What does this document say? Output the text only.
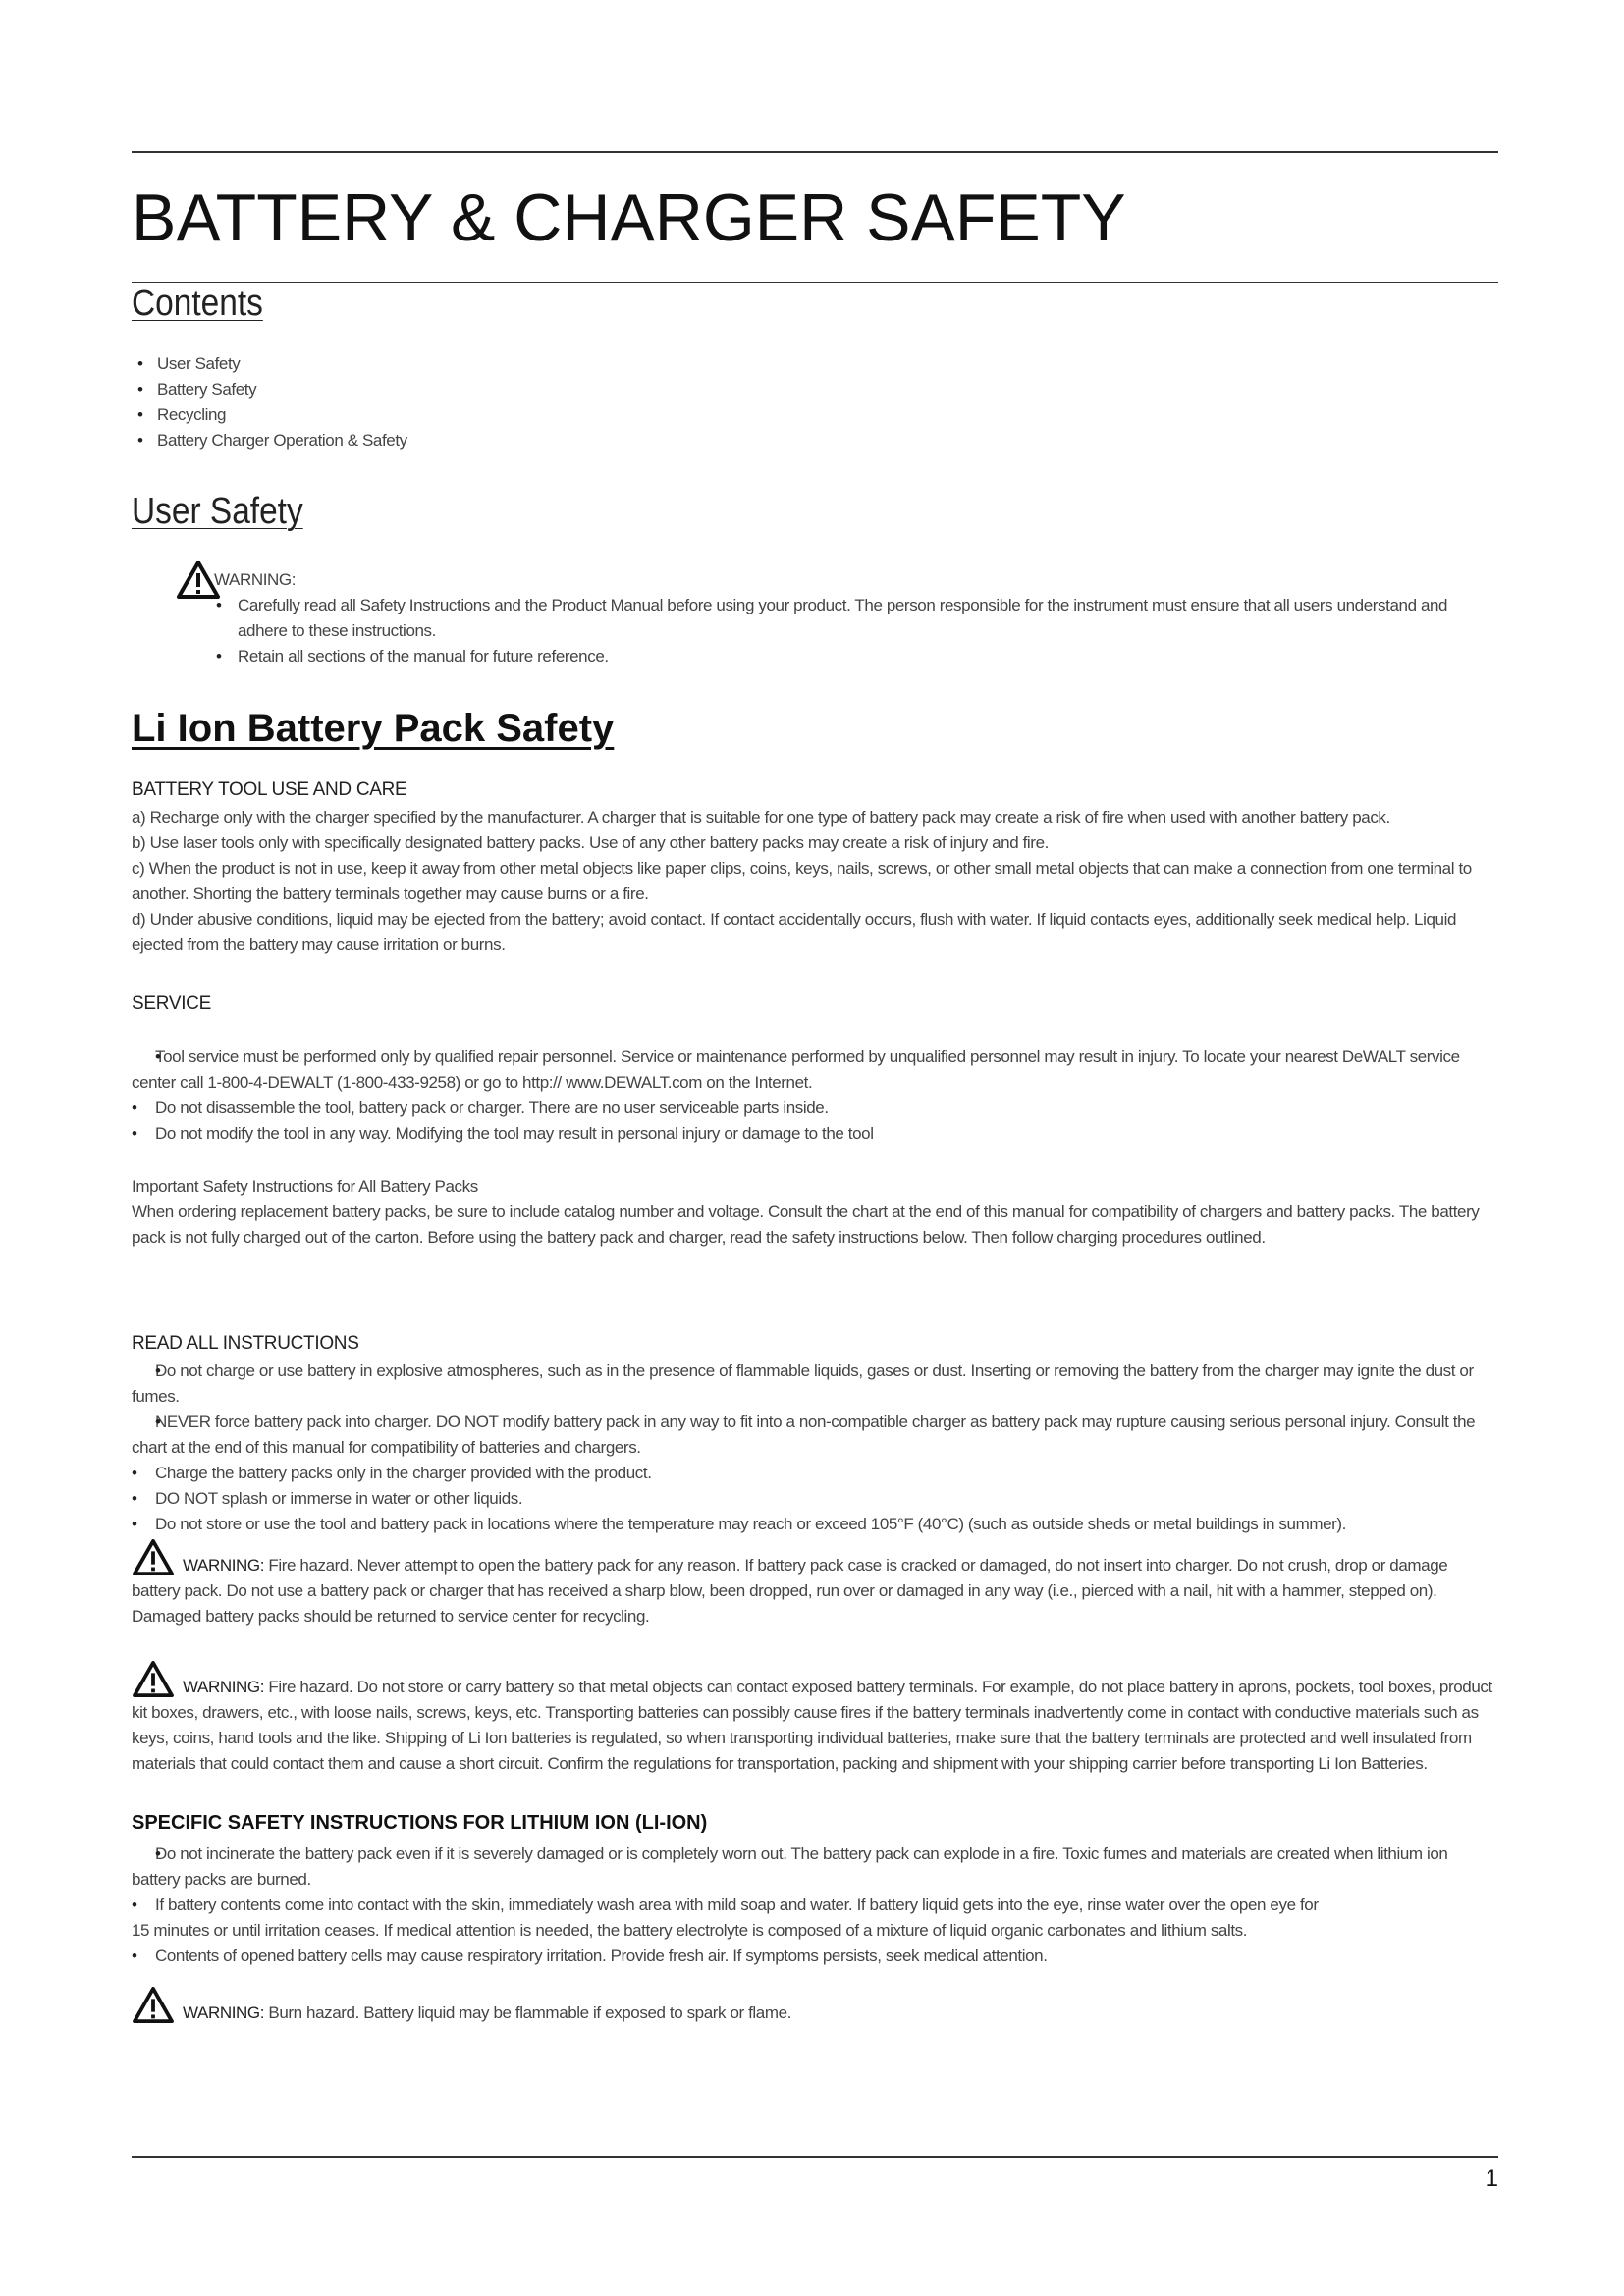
BATTERY & CHARGER SAFETY
Contents
• User Safety
• Battery Safety
• Recycling
• Battery Charger Operation & Safety
User Safety

WARNING:

• Carefully read all Safety Instructions and the Product Manual before using your product. The person responsible for the instrument must ensure that all users understand and adhere to these instructions.

• Retain all sections of the manual for future reference.

Li Ion Battery Pack Safety
BATTERY TOOL USE AND CARE

a) Recharge only with the charger specified by the manufacturer. A charger that is suitable for one type of battery pack may create a risk of fire when used with another battery pack.

b) Use laser tools only with specifically designated battery packs. Use of any other battery packs may create a risk of injury and fire.

c) When the product is not in use, keep it away from other metal objects like paper clips, coins, keys, nails, screws, or other small metal objects that can make a connection from one terminal to another. Shorting the battery terminals together may cause burns or a fire.

d) Under abusive conditions, liquid may be ejected from the battery; avoid contact. If contact accidentally occurs, flush with water. If liquid contacts eyes, additionally seek medical help. Liquid ejected from the battery may cause irritation or burns.

SERVICE

• Tool service must be performed only by qualified repair personnel. Service or maintenance performed by unqualified personnel may result in injury. To locate your nearest DeWALT service center call 1-800-4-DEWALT (1-800-433-9258) or go to http:// www.DEWALT.com on the Internet.

• Do not disassemble the tool, battery pack or charger. There are no user serviceable parts inside.

• Do not modify the tool in any way. Modifying the tool may result in personal injury or damage to the tool

Important Safety Instructions for All Battery Packs

When ordering replacement battery packs, be sure to include catalog number and voltage. Consult the chart at the end of this manual for compatibility of chargers and battery packs. The battery pack is not fully charged out of the carton. Before using the battery pack and charger, read the safety instructions below. Then follow charging procedures outlined.

READ ALL INSTRUCTIONS

• Do not charge or use battery in explosive atmospheres, such as in the presence of flammable liquids, gases or dust. Inserting or removing the battery from the charger may ignite the dust or fumes.

• NEVER force battery pack into charger. DO NOT modify battery pack in any way to fit into a non-compatible charger as battery pack may rupture causing serious personal injury. Consult the chart at the end of this manual for compatibility of batteries and chargers.

• Charge the battery packs only in the charger provided with the product.

• DO NOT splash or immerse in water or other liquids.

• Do not store or use the tool and battery pack in locations where the temperature may reach or exceed 105°F (40°C) (such as outside sheds or metal buildings in summer).

WARNING: Fire hazard. Never attempt to open the battery pack for any reason. If battery pack case is cracked or damaged, do not insert into charger. Do not crush, drop or damage battery pack. Do not use a battery pack or charger that has received a sharp blow, been dropped, run over or damaged in any way (i.e., pierced with a nail, hit with a hammer, stepped on). Damaged battery packs should be returned to service center for recycling.

WARNING: Fire hazard. Do not store or carry battery so that metal objects can contact exposed battery terminals. For example, do not place battery in aprons, pockets, tool boxes, product kit boxes, drawers, etc., with loose nails, screws, keys, etc. Transporting batteries can possibly cause fires if the battery terminals inadvertently come in contact with conductive materials such as keys, coins, hand tools and the like. Shipping of Li Ion batteries is regulated, so when transporting individual batteries, make sure that the battery terminals are protected and well insulated from materials that could contact them and cause a short circuit. Confirm the regulations for transportation, packing and shipment with your shipping carrier before transporting Li Ion Batteries.

SPECIFIC SAFETY INSTRUCTIONS FOR LITHIUM ION (LI-ION)

• Do not incinerate the battery pack even if it is severely damaged or is completely worn out. The battery pack can explode in a fire. Toxic fumes and materials are created when lithium ion battery packs are burned.

• If battery contents come into contact with the skin, immediately wash area with mild soap and water. If battery liquid gets into the eye, rinse water over the open eye for

15 minutes or until irritation ceases. If medical attention is needed, the battery electrolyte is composed of a mixture of liquid organic carbonates and lithium salts.

• Contents of opened battery cells may cause respiratory irritation. Provide fresh air. If symptoms persists, seek medical attention.

WARNING: Burn hazard. Battery liquid may be flammable if exposed to spark or flame.

1
